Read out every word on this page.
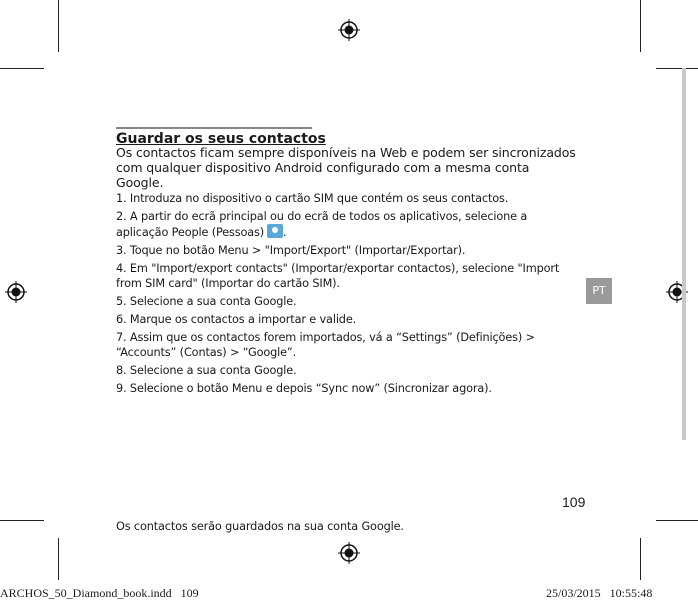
Guardar os seus contactos

Os contactos ficam sempre disponíveis na Web e podem ser sincronizados com qualquer dispositivo Android configurado com a mesma conta Google.

1. Introduza no dispositivo o cartão SIM que contém os seus contactos.
2. A partir do ecrã principal ou do ecrã de todos os aplicativos, selecione a aplicação People (Pessoas) .
3. Toque no botão Menu > "Import/Export" (Importar/Exportar).
4. Em "Import/export contacts" (Importar/exportar contactos), selecione "Import from SIM card" (Importar do cartão SIM).
5. Selecione a sua conta Google.
6. Marque os contactos a importar e valide.
7. Assim que os contactos forem importados, vá a “Settings” (Definições) > “Accounts” (Contas) > “Google”.
8. Selecione a sua conta Google.
9. Selecione o botão Menu e depois “Sync now” (Sincronizar agora).

Os contactos serão guardados na sua conta Google.

PT
109
ARCHOS_50_Diamond_book.indd   109	25/03/2015   10:55:48
